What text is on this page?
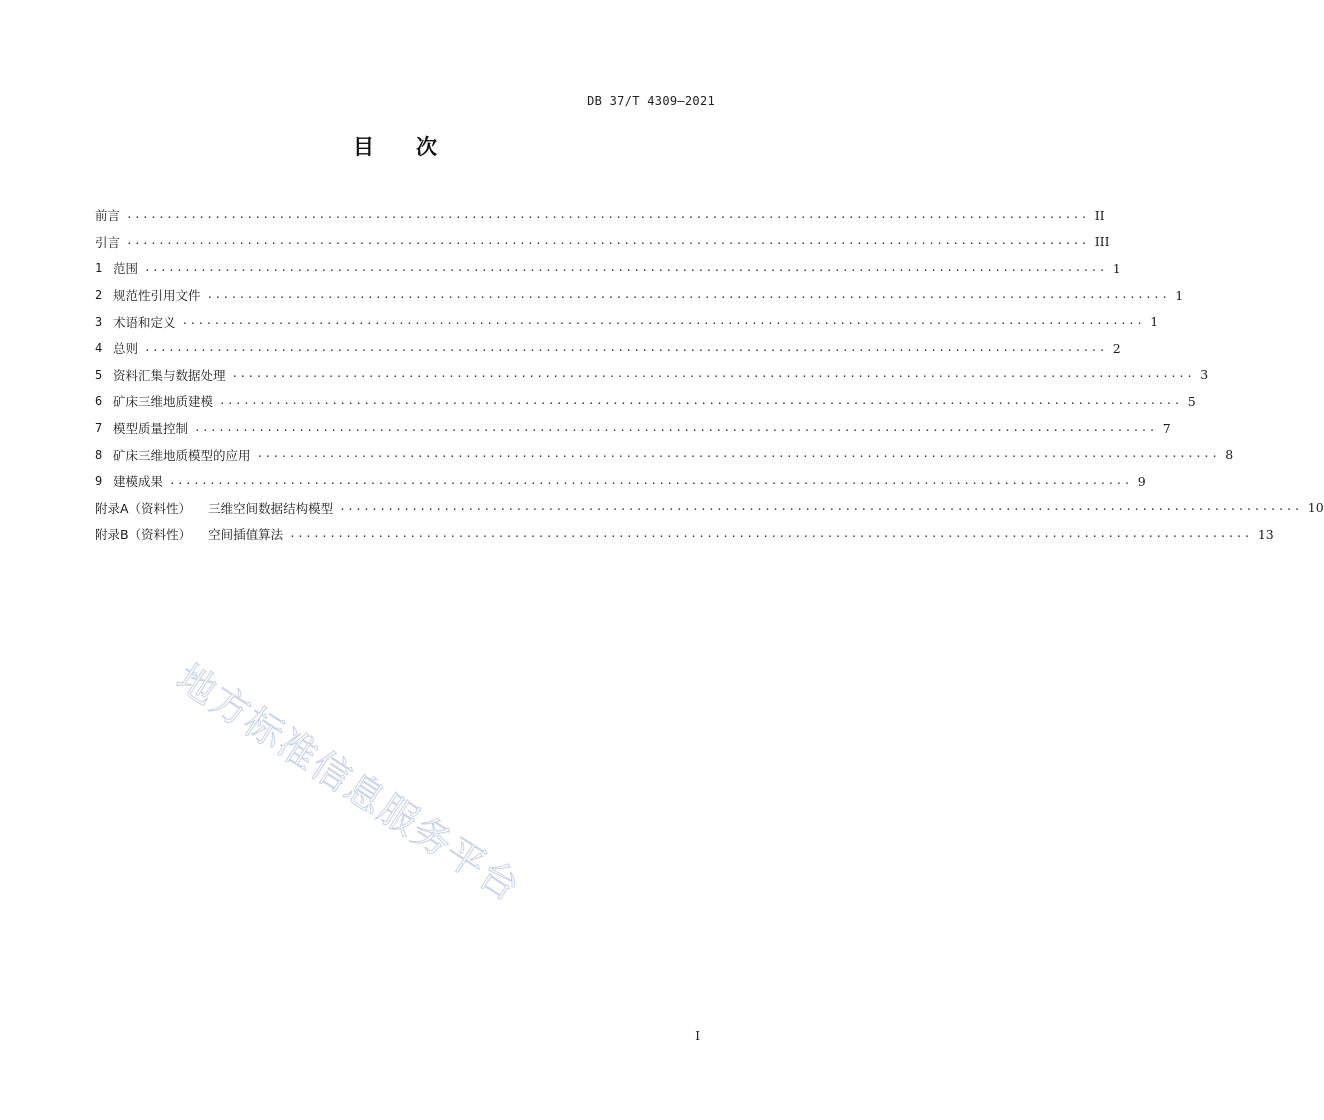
DB 37/T 4309—2021
目 次
前言 ........................................................................................................................ II
引言 ........................................................................................................................ III
1 范围 ........................................................................................................................ 1
2 规范性引用文件 ........................................................................................................................ 1
3 术语和定义 ........................................................................................................................ 1
4 总则 ........................................................................................................................ 2
5 资料汇集与数据处理 ........................................................................................................................ 3
6 矿床三维地质建模 ........................................................................................................................ 5
7 模型质量控制 ........................................................................................................................ 7
8 矿床三维地质模型的应用 ........................................................................................................................ 8
9 建模成果 ........................................................................................................................ 9
附录A（资料性） 三维空间数据结构模型 ........................................................................................................................ 10
附录B（资料性） 空间插值算法 ........................................................................................................................ 13
地方标准信息服务平台
I
